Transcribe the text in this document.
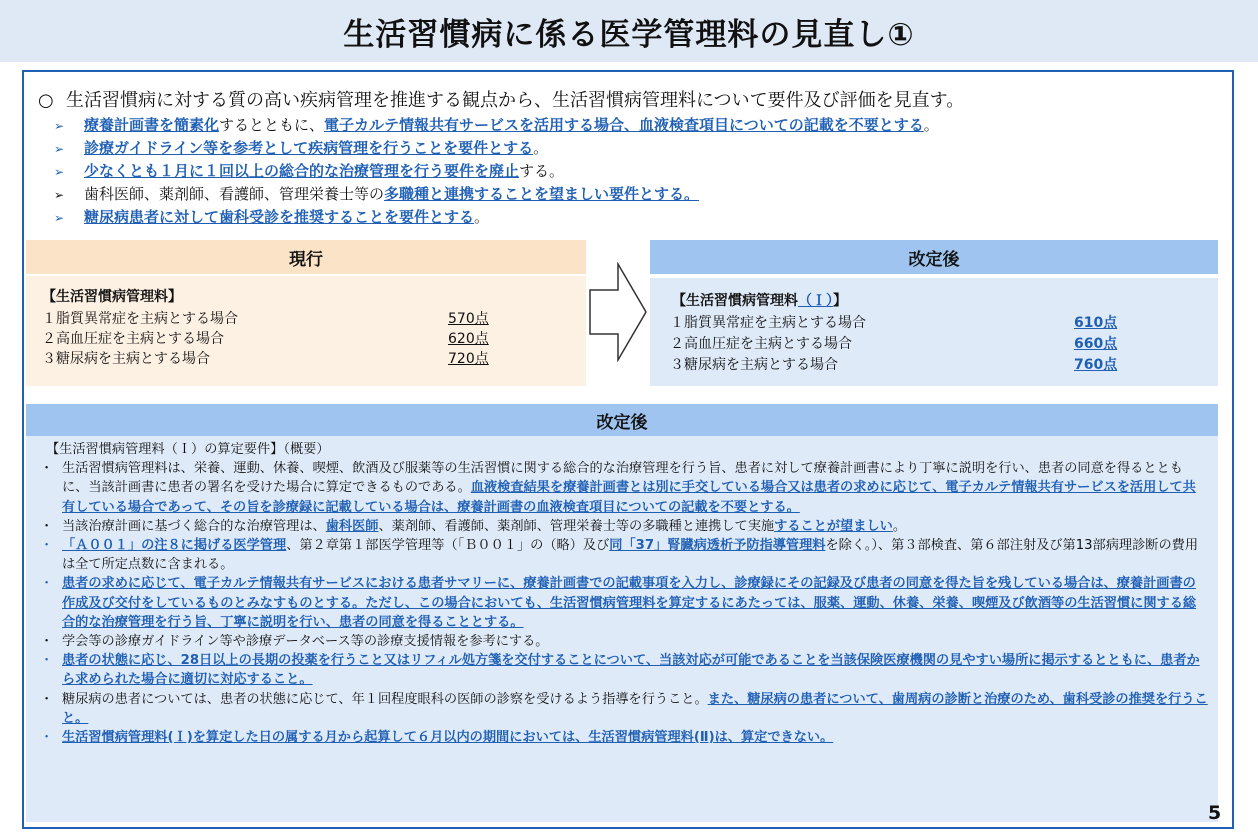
生活習慣病に係る医学管理料の見直し①
○ 生活習慣病に対する質の高い疾病管理を推進する観点から、生活習慣病管理料について要件及び評価を見直す。
➢ 療養計画書を簡素化するとともに、電子カルテ情報共有サービスを活用する場合、血液検査項目についての記載を不要とする。
➢ 診療ガイドライン等を参考として疾病管理を行うことを要件とする。
➢ 少なくとも１月に１回以上の総合的な治療管理を行う要件を廃止する。
➢ 歯科医師、薬剤師、看護師、管理栄養士等の多職種と連携することを望ましい要件とする。
➢ 糖尿病患者に対して歯科受診を推奨することを要件とする。
現行
【生活習慣病管理料】
１脂質異常症を主病とする場合	570点
２高血圧症を主病とする場合	620点
３糖尿病を主病とする場合	720点
改定後
【生活習慣病管理料（Ｉ）】
１脂質異常症を主病とする場合	610点
２高血圧症を主病とする場合	660点
３糖尿病を主病とする場合	760点
改定後
【生活習慣病管理料（Ｉ）の算定要件】（概要）
・ 生活習慣病管理料は、栄養、運動、休養、喫煙、飲酒及び服薬等の生活習慣に関する総合的な治療管理を行う旨、患者に対して療養計画書により丁寧に説明を行い、患者の同意を得るとともに、当該計画書に患者の署名を受けた場合に算定できるものである。血液検査結果を療養計画書とは別に手交している場合又は患者の求めに応じて、電子カルテ情報共有サービスを活用して共有している場合であって、その旨を診療録に記載している場合は、療養計画書の血液検査項目についての記載を不要とする。
・ 当該治療計画に基づく総合的な治療管理は、歯科医師、薬剤師、看護師、薬剤師、管理栄養士等の多職種と連携して実施することが望ましい。
・ 「Ａ００１」の注８に掲げる医学管理、第２章第１部医学管理等（「Ｂ００１」の（略）及び同「37」腎臓病透析予防指導管理料を除く。）、第３部検査、第６部注射及び第13部病理診断の費用は全て所定点数に含まれる。
・ 患者の求めに応じて、電子カルテ情報共有サービスにおける患者サマリーに、療養計画書での記載事項を入力し、診療録にその記録及び患者の同意を得た旨を残している場合は、療養計画書の作成及び交付をしているものとみなすものとする。ただし、この場合においても、生活習慣病管理料を算定するにあたっては、服薬、運動、休養、栄養、喫煙及び飲酒等の生活習慣に関する総合的な治療管理を行う旨、丁寧に説明を行い、患者の同意を得ることとする。
・ 学会等の診療ガイドライン等や診療データベース等の診療支援情報を参考にする。
・ 患者の状態に応じ、28日以上の長期の投薬を行うこと又はリフィル処方箋を交付することについて、当該対応が可能であることを当該保険医療機関の見やすい場所に掲示するとともに、患者から求められた場合に適切に対応すること。
・ 糖尿病の患者については、患者の状態に応じて、年１回程度眼科の医師の診察を受けるよう指導を行うこと。また、糖尿病の患者について、歯周病の診断と治療のため、歯科受診の推奨を行うこと。
・ 生活習慣病管理料(Ｉ)を算定した日の属する月から起算して６月以内の期間においては、生活習慣病管理料(Ⅱ)は、算定できない。
5
